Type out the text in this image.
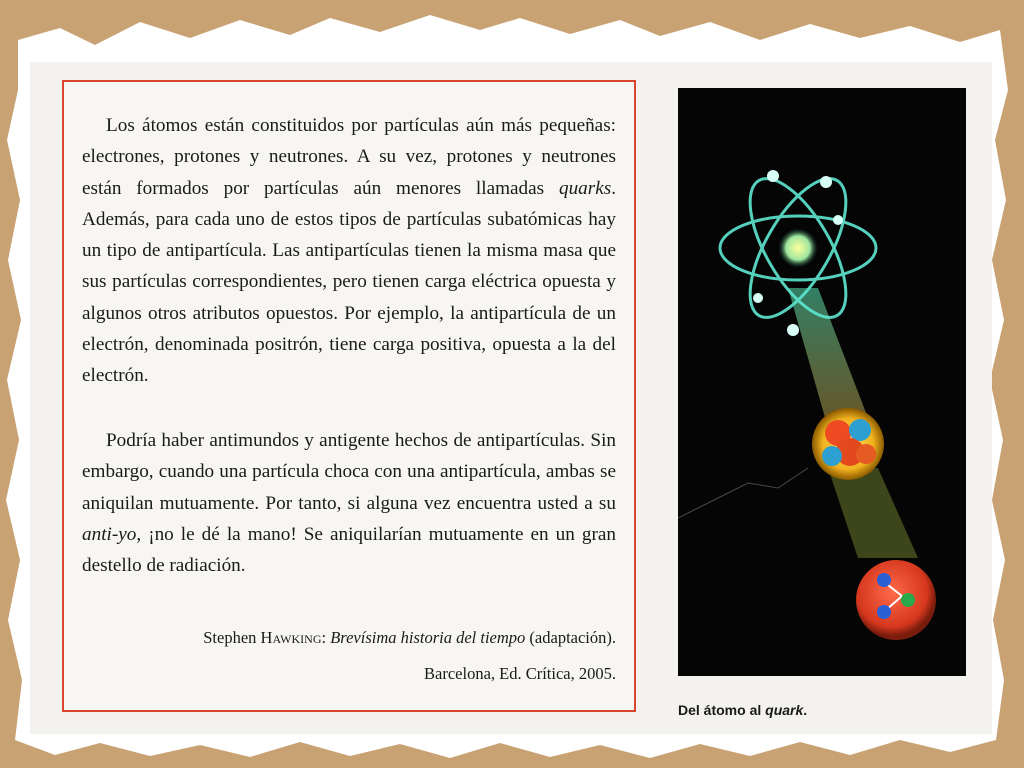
Los átomos están constituidos por partículas aún más pequeñas: electrones, protones y neutrones. A su vez, protones y neutrones están formados por partículas aún menores llamadas quarks. Además, para cada uno de estos tipos de partículas subatómicas hay un tipo de antipartícula. Las antipartículas tienen la misma masa que sus partículas correspondientes, pero tienen carga eléctrica opuesta y algunos otros atributos opuestos. Por ejemplo, la antipartícula de un electrón, denominada positrón, tiene carga positiva, opuesta a la del electrón.

Podría haber antimundos y antigente hechos de antipartículas. Sin embargo, cuando una partícula choca con una antipartícula, ambas se aniquilan mutuamente. Por tanto, si alguna vez encuentra usted a su anti-yo, ¡no le dé la mano! Se aniquilarían mutuamente en un gran destello de radiación.

Stephen Hawking: Brevísima historia del tiempo (adaptación).
Barcelona, Ed. Crítica, 2005.
Del átomo al quark.
